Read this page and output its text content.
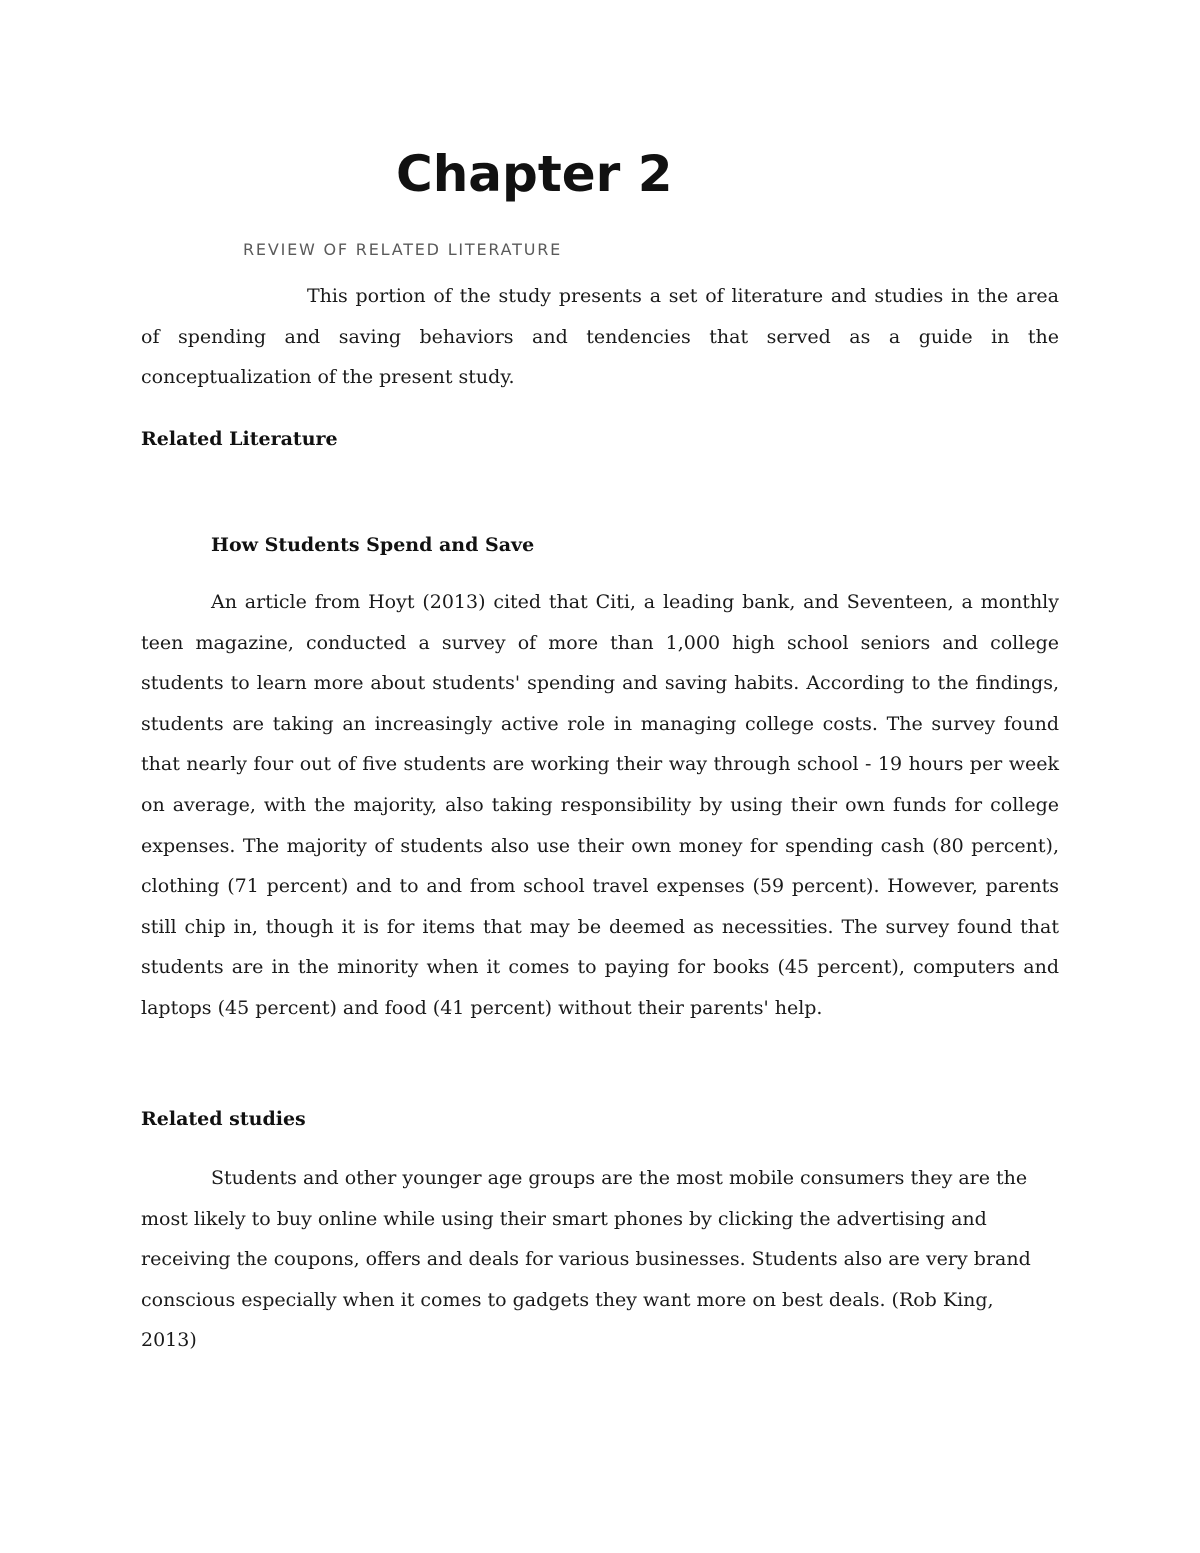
Chapter 2
REVIEW OF RELATED LITERATURE

This portion of the study presents a set of literature and studies in the area of spending and saving behaviors and tendencies that served as a guide in the conceptualization of the present study.

Related Literature
How Students Spend and Save

An article from Hoyt (2013) cited that Citi, a leading bank, and Seventeen, a monthly teen magazine, conducted a survey of more than 1,000 high school seniors and college students to learn more about students' spending and saving habits. According to the findings, students are taking an increasingly active role in managing college costs. The survey found that nearly four out of five students are working their way through school - 19 hours per week on average, with the majority, also taking responsibility by using their own funds for college expenses. The majority of students also use their own money for spending cash (80 percent), clothing (71 percent) and to and from school travel expenses (59 percent). However, parents still chip in, though it is for items that may be deemed as necessities. The survey found that students are in the minority when it comes to paying for books (45 percent), computers and laptops (45 percent) and food (41 percent) without their parents' help.

Related studies

Students and other younger age groups are the most mobile consumers they are the most likely to buy online while using their smart phones by clicking the advertising and receiving the coupons, offers and deals for various businesses. Students also are very brand conscious especially when it comes to gadgets they want more on best deals. (Rob King, 2013)
